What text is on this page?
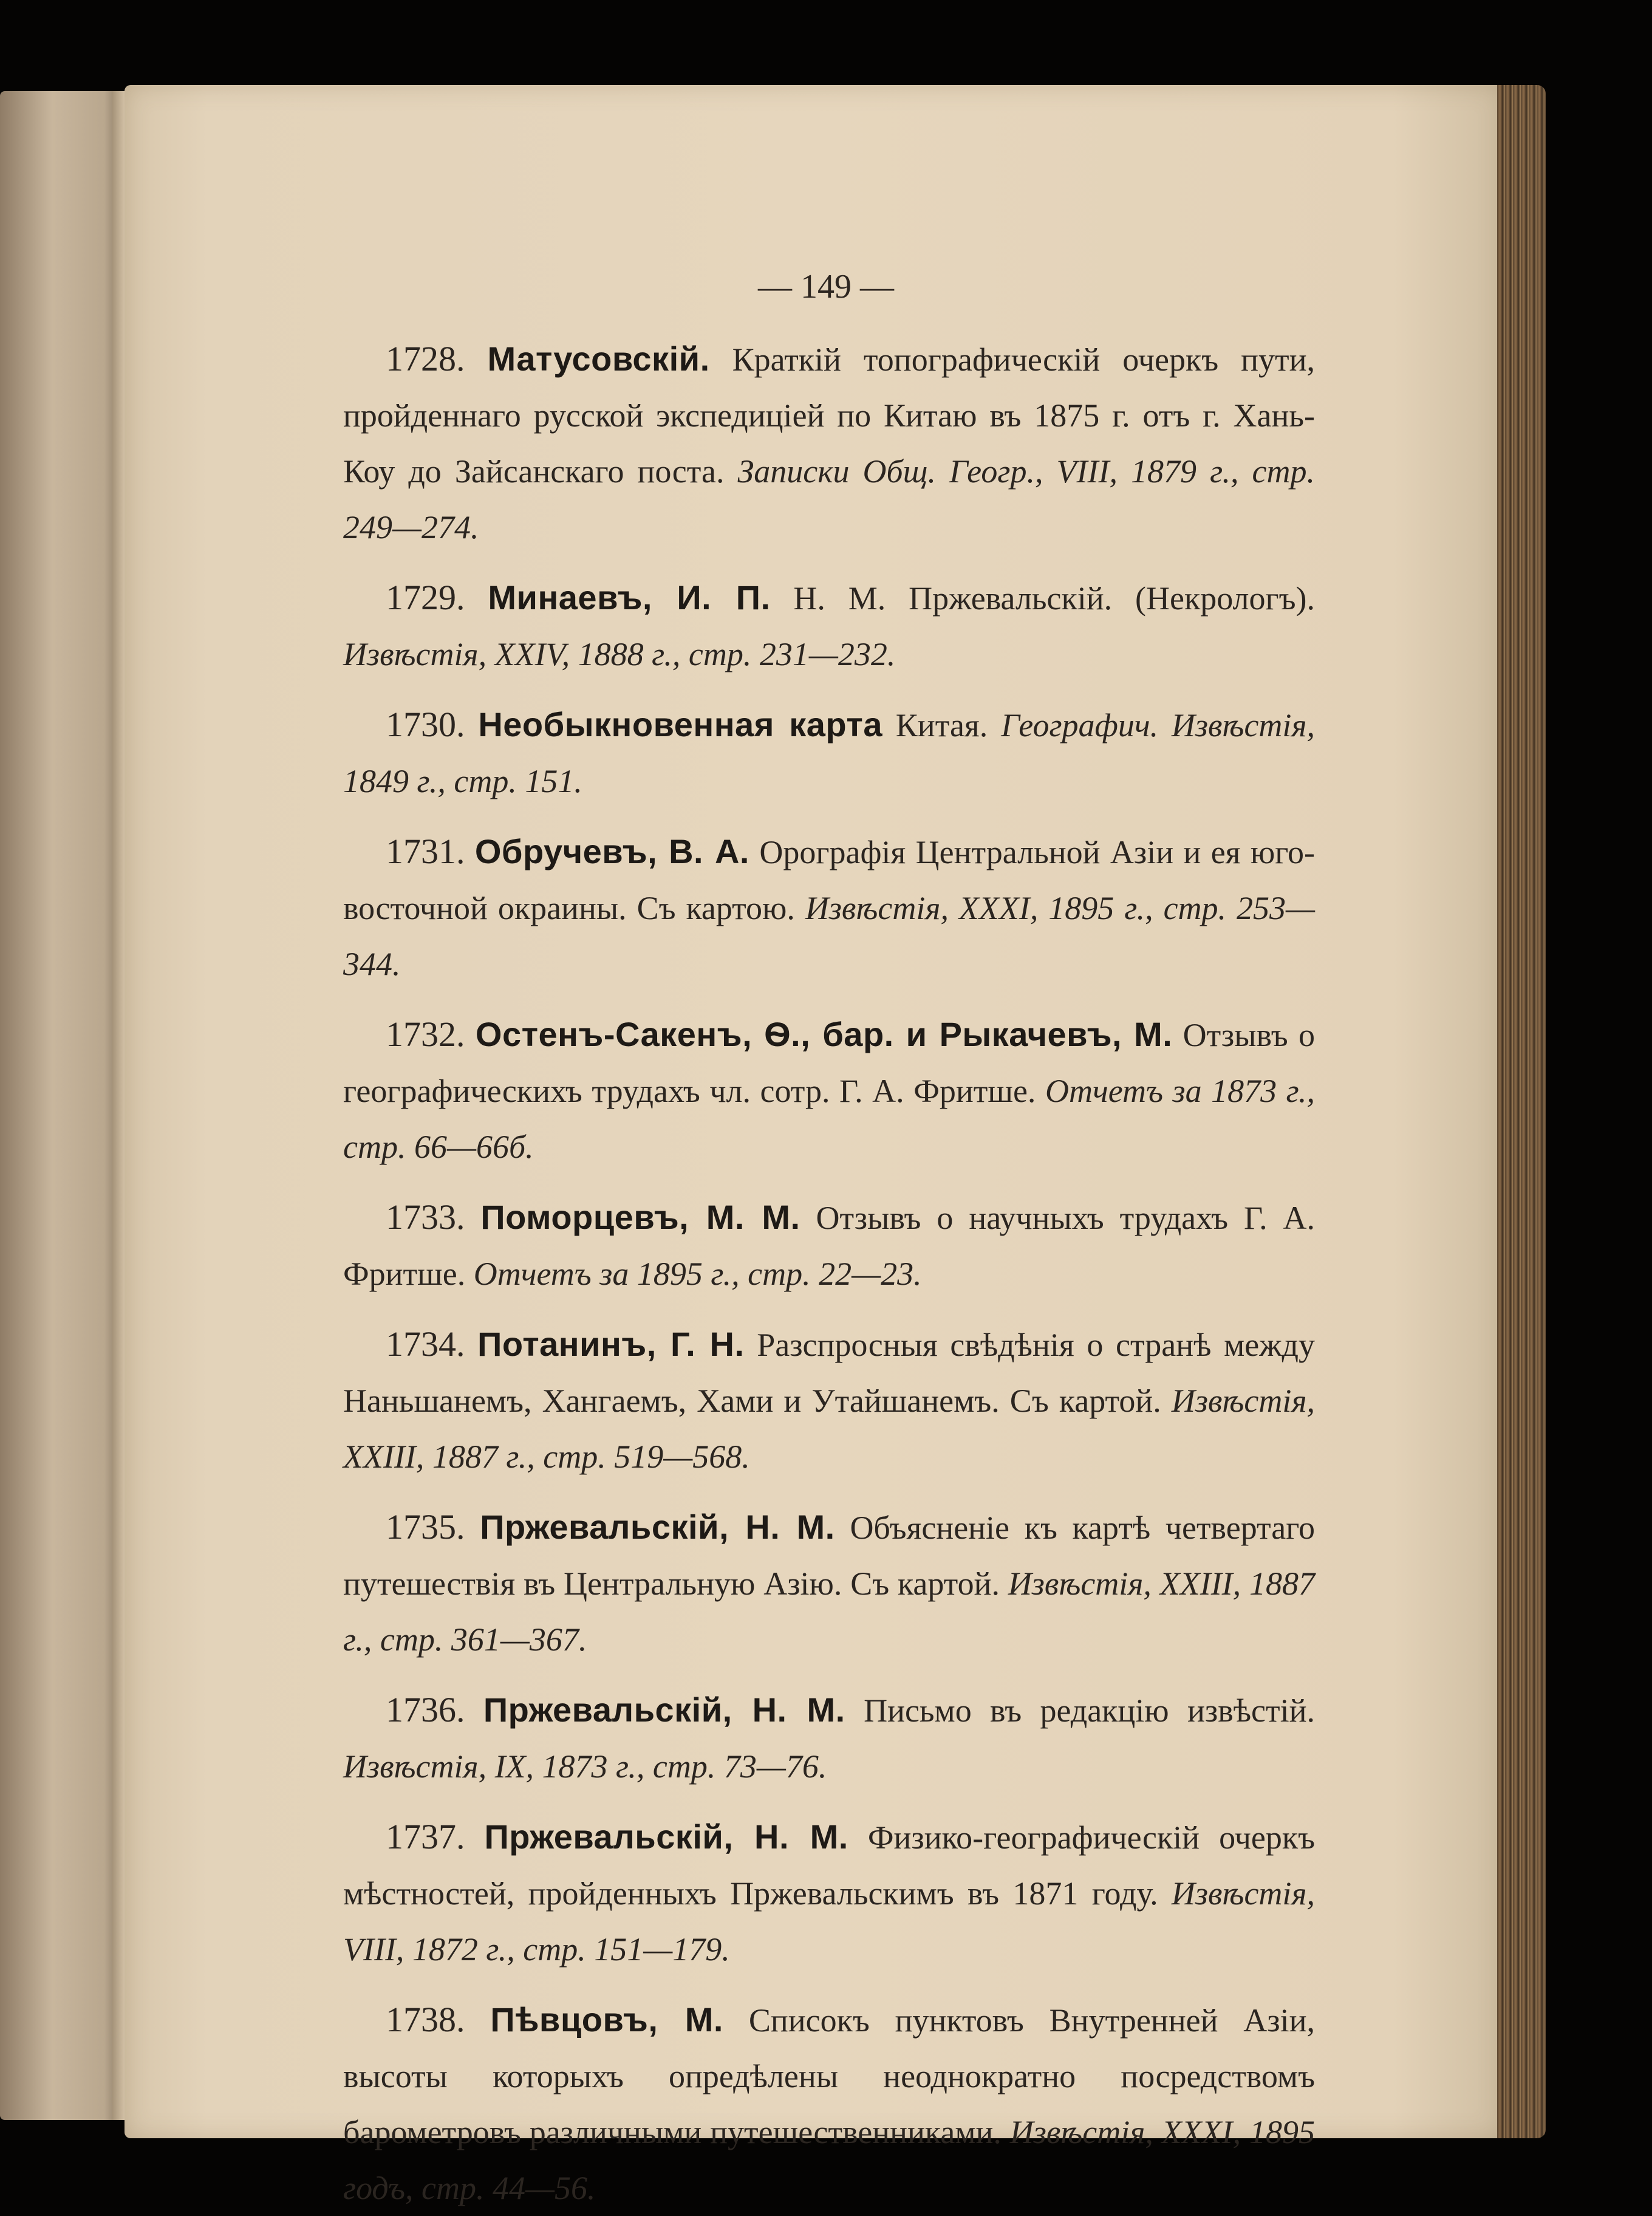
— 149 —

1728. Матусовскій. Краткій топографическій очеркъ пути, пройденнаго русской экспедиціей по Китаю въ 1875 г. отъ г. Хань-Коу до Зайсанскаго поста. Записки Общ. Геогр., VIII, 1879 г., стр. 249—274.

1729. Минаевъ, И. П. Н. М. Пржевальскій. (Некрологъ). Извѣстія, XXIV, 1888 г., стр. 231—232.

1730. Необыкновенная карта Китая. Географич. Извѣстія, 1849 г., стр. 151.

1731. Обручевъ, В. А. Орографія Центральной Азіи и ея юго-восточной окраины. Съ картою. Извѣстія, XXXI, 1895 г., стр. 253—344.

1732. Остенъ-Сакенъ, Ѳ., бар. и Рыкачевъ, М. Отзывъ о географическихъ трудахъ чл. сотр. Г. А. Фритше. Отчетъ за 1873 г., стр. 66—66б.

1733. Поморцевъ, М. М. Отзывъ о научныхъ трудахъ Г. А. Фритше. Отчетъ за 1895 г., стр. 22—23.

1734. Потанинъ, Г. Н. Разспросныя свѣдѣнія о странѣ между Наньшанемъ, Хангаемъ, Хами и Утайшанемъ. Съ картой. Извѣстія, XXIII, 1887 г., стр. 519—568.

1735. Пржевальскій, Н. М. Объясненіе къ картѣ четвертаго путешествія въ Центральную Азію. Съ картой. Извѣстія, XXIII, 1887 г., стр. 361—367.

1736. Пржевальскій, Н. М. Письмо въ редакцію извѣстій. Извѣстія, IX, 1873 г., стр. 73—76.

1737. Пржевальскій, Н. М. Физико-географическій очеркъ мѣстностей, пройденныхъ Пржевальскимъ въ 1871 году. Извѣстія, VIII, 1872 г., стр. 151—179.

1738. Пѣвцовъ, М. Списокъ пунктовъ Внутренней Азіи, высоты которыхъ опредѣлены неоднократно посредствомъ барометровъ различными путешественниками. Извѣстія, XXXI, 1895 годъ, стр. 44—56.
